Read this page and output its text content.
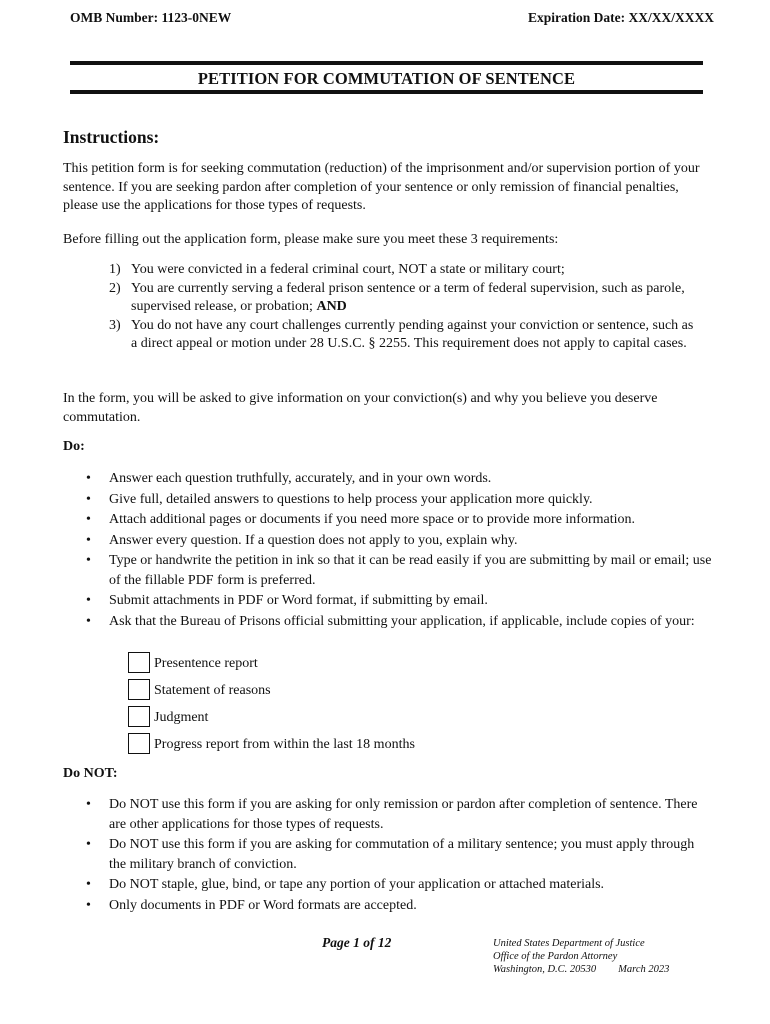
OMB Number: 1123-0NEW	Expiration Date: XX/XX/XXXX
PETITION FOR COMMUTATION OF SENTENCE
Instructions:
This petition form is for seeking commutation (reduction) of the imprisonment and/or supervision portion of your sentence. If you are seeking pardon after completion of your sentence or only remission of financial penalties, please use the applications for those types of requests.
Before filling out the application form, please make sure you meet these 3 requirements:
1) You were convicted in a federal criminal court, NOT a state or military court;
2) You are currently serving a federal prison sentence or a term of federal supervision, such as parole, supervised release, or probation; AND
3) You do not have any court challenges currently pending against your conviction or sentence, such as a direct appeal or motion under 28 U.S.C. § 2255. This requirement does not apply to capital cases.
In the form, you will be asked to give information on your conviction(s) and why you believe you deserve commutation.
Do:
• Answer each question truthfully, accurately, and in your own words.
• Give full, detailed answers to questions to help process your application more quickly.
• Attach additional pages or documents if you need more space or to provide more information.
• Answer every question. If a question does not apply to you, explain why.
• Type or handwrite the petition in ink so that it can be read easily if you are submitting by mail or email; use of the fillable PDF form is preferred.
• Submit attachments in PDF or Word format, if submitting by email.
• Ask that the Bureau of Prisons official submitting your application, if applicable, include copies of your:
Presentence report
Statement of reasons
Judgment
Progress report from within the last 18 months
Do NOT:
• Do NOT use this form if you are asking for only remission or pardon after completion of sentence. There are other applications for those types of requests.
• Do NOT use this form if you are asking for commutation of a military sentence; you must apply through the military branch of conviction.
• Do NOT staple, glue, bind, or tape any portion of your application or attached materials.
• Only documents in PDF or Word formats are accepted.
Page 1 of 12	United States Department of Justice
Office of the Pardon Attorney
Washington, D.C. 20530 March 2023
